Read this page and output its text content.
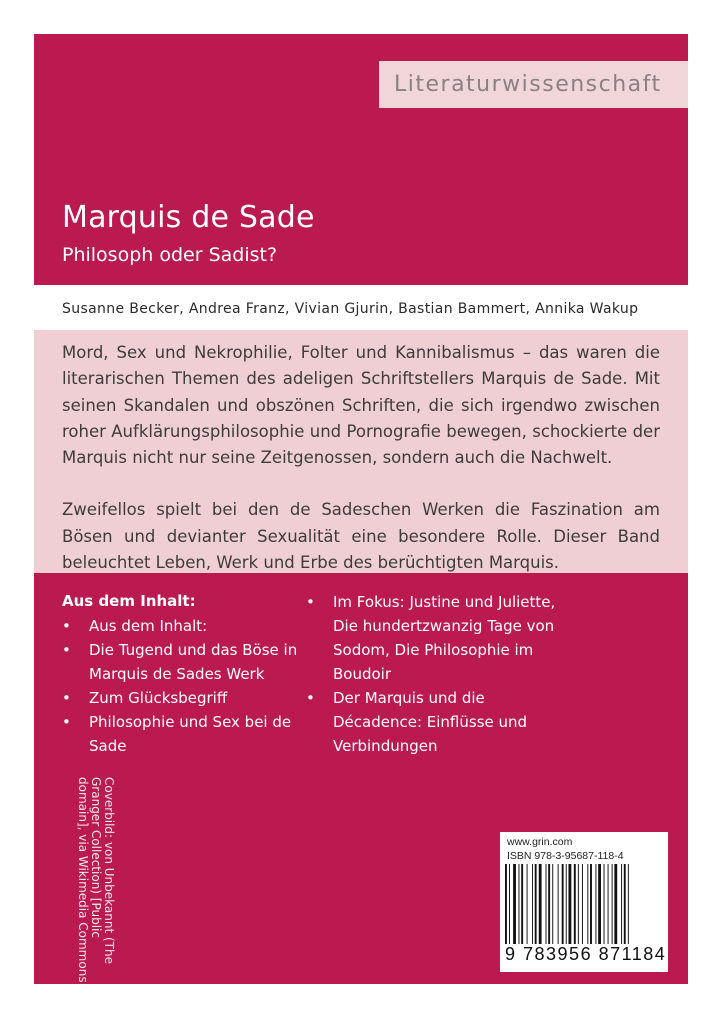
Literaturwissenschaft
Marquis de Sade
Philosoph oder Sadist?
Susanne Becker, Andrea Franz, Vivian Gjurin, Bastian Bammert, Annika Wakup

Mord, Sex und Nekrophilie, Folter und Kannibalismus – das waren die literarischen Themen des adeligen Schriftstellers Marquis de Sade. Mit seinen Skandalen und obszönen Schriften, die sich irgendwo zwischen roher Aufklärungsphilosophie und Pornografie bewegen, schockierte der Marquis nicht nur seine Zeitgenossen, sondern auch die Nachwelt.

Zweifellos spielt bei den de Sadeschen Werken die Faszination am Bösen und devianter Sexualität eine besondere Rolle. Dieser Band beleuchtet Leben, Werk und Erbe des berüchtigten Marquis.

Aus dem Inhalt:
• Aus dem Inhalt:
• Die Tugend und das Böse in Marquis de Sades Werk
• Zum Glücksbegriff
• Philosophie und Sex bei de Sade
• Im Fokus: Justine und Juliette, Die hundertzwanzig Tage von Sodom, Die Philosophie im Boudoir
• Der Marquis und die Décadence: Einflüsse und Verbindungen
Coverbild: von Unbekannt (The Granger Collection) [Public domain], via Wikimedia Commons	www.grin.com
ISBN 978-3-95687-118-4
9 783956 871184
